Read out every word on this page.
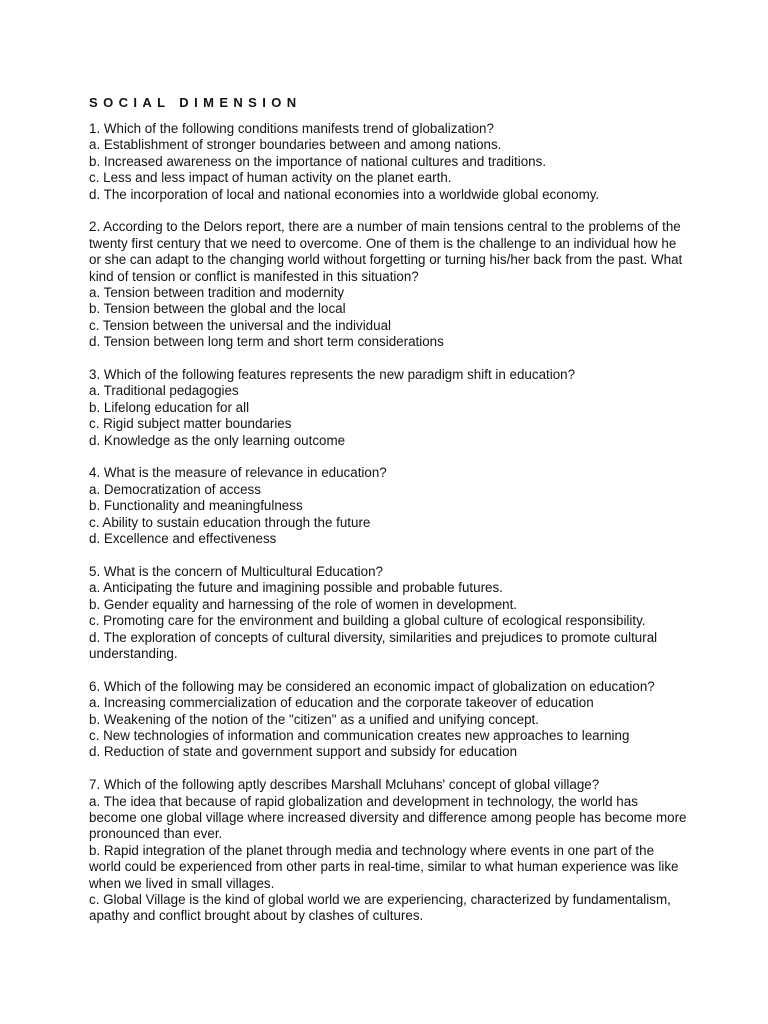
SOCIAL DIMENSION

1. Which of the following conditions manifests trend of globalization?

a. Establishment of stronger boundaries between and among nations.

b. Increased awareness on the importance of national cultures and traditions.

c. Less and less impact of human activity on the planet earth.

d. The incorporation of local and national economies into a worldwide global economy.

2. According to the Delors report, there are a number of main tensions central to the problems of the twenty first century that we need to overcome. One of them is the challenge to an individual how he or she can adapt to the changing world without forgetting or turning his/her back from the past. What kind of tension or conflict is manifested in this situation?

a. Tension between tradition and modernity

b. Tension between the global and the local

c. Tension between the universal and the individual

d. Tension between long term and short term considerations

3. Which of the following features represents the new paradigm shift in education?

a. Traditional pedagogies

b. Lifelong education for all

c. Rigid subject matter boundaries

d. Knowledge as the only learning outcome

4. What is the measure of relevance in education?

a. Democratization of access

b. Functionality and meaningfulness

c. Ability to sustain education through the future

d. Excellence and effectiveness

5. What is the concern of Multicultural Education?

a. Anticipating the future and imagining possible and probable futures.

b. Gender equality and harnessing of the role of women in development.

c. Promoting care for the environment and building a global culture of ecological responsibility.

d. The exploration of concepts of cultural diversity, similarities and prejudices to promote cultural understanding.

6. Which of the following may be considered an economic impact of globalization on education?

a. Increasing commercialization of education and the corporate takeover of education

b. Weakening of the notion of the "citizen" as a unified and unifying concept.

c. New technologies of information and communication creates new approaches to learning

d. Reduction of state and government support and subsidy for education

7. Which of the following aptly describes Marshall Mcluhans' concept of global village?

a. The idea that because of rapid globalization and development in technology, the world has become one global village where increased diversity and difference among people has become more pronounced than ever.

b. Rapid integration of the planet through media and technology where events in one part of the world could be experienced from other parts in real-time, similar to what human experience was like when we lived in small villages.

c. Global Village is the kind of global world we are experiencing, characterized by fundamentalism, apathy and conflict brought about by clashes of cultures.
